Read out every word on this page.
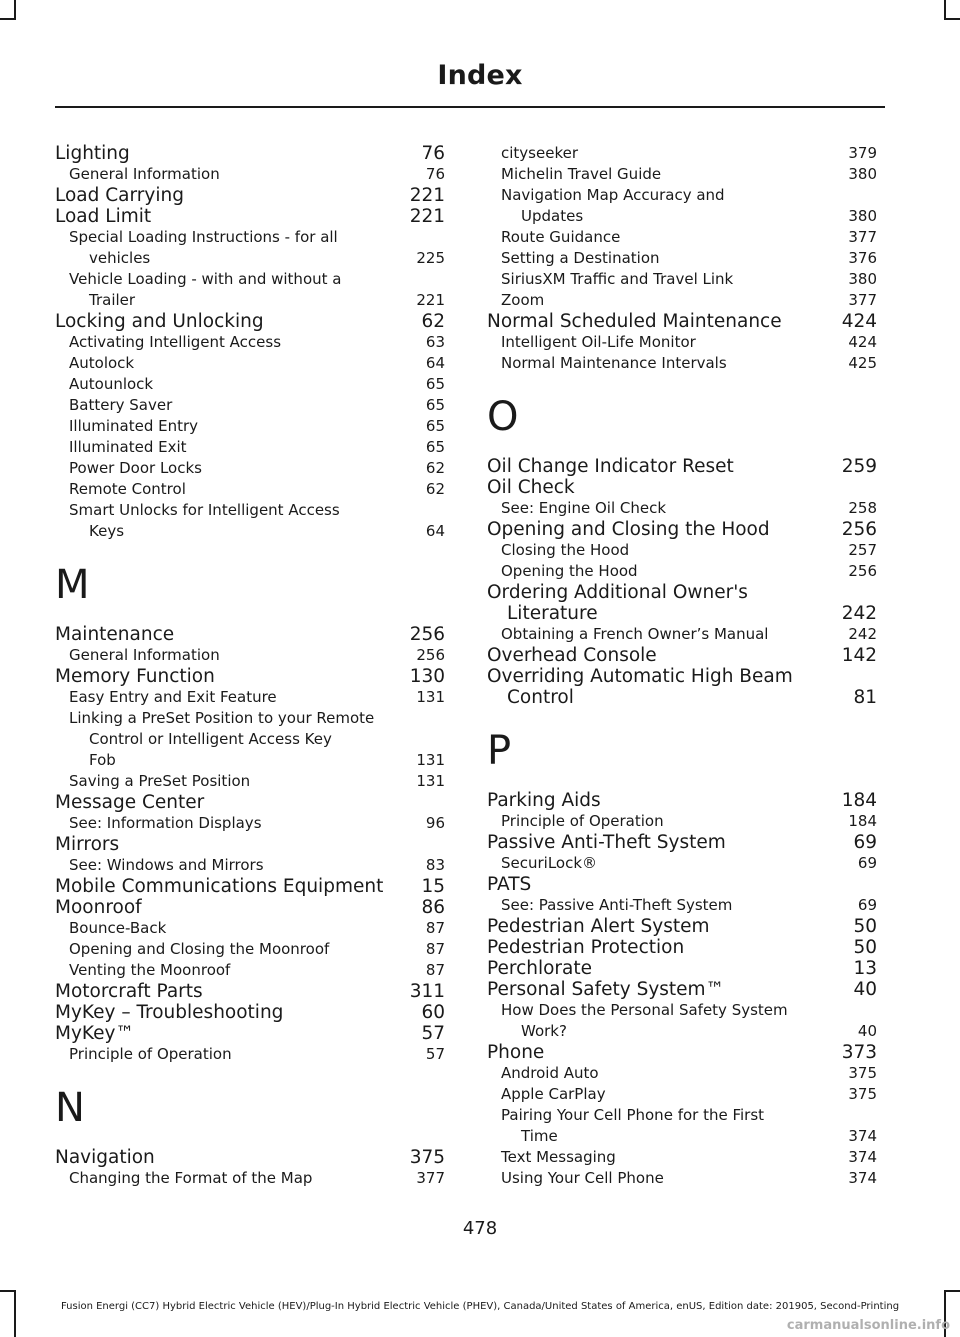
Index
Lighting	76
General Information	76
Load Carrying	221
Load Limit	221
Special Loading Instructions - for all
vehicles	225
Vehicle Loading - with and without a
Trailer	221
Locking and Unlocking	62
Activating Intelligent Access	63
Autolock	64
Autounlock	65
Battery Saver	65
Illuminated Entry	65
Illuminated Exit	65
Power Door Locks	62
Remote Control	62
Smart Unlocks for Intelligent Access
Keys	64
M
Maintenance	256
General Information	256
Memory Function	130
Easy Entry and Exit Feature	131
Linking a PreSet Position to your Remote
Control or Intelligent Access Key
Fob	131
Saving a PreSet Position	131
Message Center
See: Information Displays	96
Mirrors
See: Windows and Mirrors	83
Mobile Communications Equipment 15
Moonroof	86
Bounce-Back	87
Opening and Closing the Moonroof	87
Venting the Moonroof	87
Motorcraft Parts	311
MyKey – Troubleshooting	60
MyKey™	57
Principle of Operation	57
N
Navigation	375
Changing the Format of the Map	377
cityseeker	379
Michelin Travel Guide	380
Navigation Map Accuracy and
Updates	380
Route Guidance	377
Setting a Destination	376
SiriusXM Traffic and Travel Link	380
Zoom	377
Normal Scheduled Maintenance	424
Intelligent Oil-Life Monitor	424
Normal Maintenance Intervals	425
O
Oil Change Indicator Reset	259
Oil Check
See: Engine Oil Check	258
Opening and Closing the Hood	256
Closing the Hood	257
Opening the Hood	256
Ordering Additional Owner's
Literature	242
Obtaining a French Owner’s Manual	242
Overhead Console	142
Overriding Automatic High Beam
Control	81
P
Parking Aids	184
Principle of Operation	184
Passive Anti-Theft System	69
SecuriLock®	69
PATS
See: Passive Anti-Theft System	69
Pedestrian Alert System	50
Pedestrian Protection	50
Perchlorate	13
Personal Safety System™	40
How Does the Personal Safety System
Work?	40
Phone	373
Android Auto	375
Apple CarPlay	375
Pairing Your Cell Phone for the First
Time	374
Text Messaging	374
Using Your Cell Phone	374
478
Fusion Energi (CC7) Hybrid Electric Vehicle (HEV)/Plug-In Hybrid Electric Vehicle (PHEV), Canada/United States of America, enUS, Edition date: 201905, Second-Printing
carmanualsonline.info
